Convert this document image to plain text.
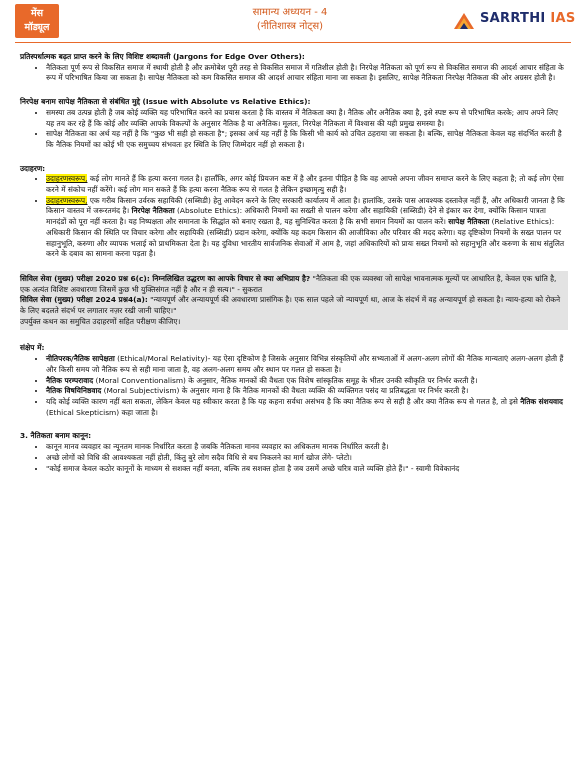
मेंस
मॉड्यूल
सामान्य अध्ययन - 4
(नीतिशास्त्र नोट्स)
SARRTHI IAS
प्रतिस्पर्धात्मक बढ़त प्राप्त करने के लिए विशिष्ट शब्दावली (Jargons for Edge Over Others):
• नैतिकता पूर्ण रूप से विकसित समाज में स्थायी होती है और क्रमोबेश पूरी तरह से विकसित समाज में गतिशील होती है। निरपेक्ष नैतिकता को पूर्ण रूप से विकसित समाज की आदर्श आचार संहिता के रूप में परिभाषित किया जा सकता है। सापेक्ष नैतिकता को कम विकसित समाज की आदर्श आचार संहिता माना जा सकता है। इसलिए, सापेक्ष नैतिकता निरपेक्ष नैतिकता की ओर अग्रसर होती है।
निरपेक्ष बनाम सापेक्ष नैतिकता से संबंधित मुद्दे (Issue with Absolute vs Relative Ethics):
• समस्या तब उत्पन्न होती है जब कोई व्यक्ति यह परिभाषित करने का प्रयास करता है कि वास्तव में नैतिकता क्या है। नैतिक और अनैतिक क्या है, इसे स्पष्ट रूप से परिभाषित करके; आप अपने लिए यह तय कर रहे हैं कि कोई और व्यक्ति आपके विकल्पों के अनुसार नैतिक है या अनैतिक। मूलतः, निरपेक्ष नैतिकता में विश्वास की यही प्रमुख समस्या है।
• सापेक्ष नैतिकता का अर्थ यह नहीं है कि "कुछ भी सही हो सकता है"; इसका अर्थ यह नहीं है कि किसी भी कार्य को उचित ठहराया जा सकता है। बल्कि, सापेक्ष नैतिकता केवल यह संदर्भित करती है कि नैतिक नियमों का कोई भी एक समुच्चय संभवतः हर स्थिति के लिए जिम्मेदार नहीं हो सकता है।
उदाहरण:
• उदाहरणस्वरूप, कई लोग मानते हैं कि हत्या करना गलत है। हालाँकि, अगर कोई प्रियजन कष्ट में है और इतना पीड़ित है कि वह आपसे अपना जीवन समाप्त करने के लिए कहता है; तो कई लोग ऐसा करने में संकोच नहीं करेंगे। कई लोग मान सकते हैं कि हत्या करना नैतिक रूप से गलत है लेकिन इच्छामृत्यु सही है।
• उदाहरणस्वरूप, एक गरीब किसान उर्वरक सहायिकी (सब्सिडी) हेतु आवेदन करने के लिए सरकारी कार्यालय में आता है। हालांकि, उसके पास आवश्यक दस्तावेज़ नहीं हैं, और अधिकारी जानता है कि किसान वास्तव में जरूरतमंद है। निरपेक्ष नैतिकता (Absolute Ethics): अधिकारी नियमों का सख्ती से पालन करेगा और सहायिकी (सब्सिडी) देने से इंकार कर देगा, क्योंकि किसान पात्रता मानदंडों को पूरा नहीं करता है। यह निष्पक्षता और समानता के सिद्धांत को बनाए रखता है, यह सुनिश्चित करता है कि सभी समान नियमों का पालन करें। सापेक्ष नैतिकता (Relative Ethics): अधिकारी किसान की स्थिति पर विचार करेगा और सहायिकी (सब्सिडी) प्रदान करेगा, क्योंकि यह कदम किसान की आजीविका और परिवार की मदद करेगा। यह दृष्टिकोण नियमों के सख्त पालन पर सहानुभूति, करुणा और व्यापक भलाई को प्राथमिकता देता है। यह दुविधा भारतीय सार्वजनिक सेवाओं में आम है, जहां अधिकारियों को प्रायः सख्त नियमों को सहानुभूति और करुणा के साथ संतुलित करने के दबाव का सामना करना पड़ता है।

सिविल सेवा (मुख्य) परीक्षा 2020 प्रश्न 6(c): निम्नलिखित उद्धरण का आपके विचार से क्या अभिप्राय है? "नैतिकता की एक व्यवस्था जो सापेक्ष भावनात्मक मूल्यों पर आधारित है, केवल एक भ्रांति है, एक अत्यंत विशिष्ट अवधारणा जिसमें कुछ भी युक्तिसंगत नहीं है और न ही सत्य।" - सुकरात

सिविल सेवा (मुख्य) परीक्षा 2024 प्रश्न4(a): "न्यायपूर्ण और अन्यायपूर्ण की अवधारणा प्रासंगिक है। एक साल पहले जो न्यायपूर्ण था, आज के संदर्भ में वह अन्यायपूर्ण हो सकता है। न्याय-हत्या को रोकने के लिए बदलते संदर्भ पर लगातार नज़र रखी जानी चाहिए।"

उपर्युक्त कथन का समुचित उदाहरणों सहित परीक्षण कीजिए।

संक्षेप में:
• नीतिपरक/नैतिक सापेक्षता (Ethical/Moral Relativity)- यह ऐसा दृष्टिकोण है जिसके अनुसार विभिन्न संस्कृतियों और सभ्यताओं में अलग-अलग लोगों की नैतिक मान्यताएं अलग-अलग होती हैं और किसी समय जो नैतिक रूप से सही माना जाता है, वह अलग-अलग समय और स्थान पर गलत हो सकता है।
• नैतिक परम्परावाद (Moral Conventionalism) के अनुसार, नैतिक मानकों की वैधता एक विशेष सांस्कृतिक समूह के भीतर उनकी स्वीकृति पर निर्भर करती है।
• नैतिक विषयिनिष्ठवाद (Moral Subjectivism) के अनुसार माना है कि नैतिक मानकों की वैधता व्यक्ति की व्यक्तिगत पसंद या प्रतिबद्धता पर निर्भर करती है।
• यदि कोई व्यक्ति कारण नहीं बता सकता, लेकिन केवल यह स्वीकार करता है कि यह कहना सर्वथा असंभव है कि क्या नैतिक रूप से सही है और क्या नैतिक रूप से गलत है, तो इसे नैतिक संशयवाद (Ethical Skepticism) कहा जाता है।
3. नैतिकता बनाम कानून:
• कानून मानव व्यवहार का न्यूनतम मानक निर्धारित करता है जबकि नैतिकता मानव व्यवहार का अधिकतम मानक निर्धारित करती है।
• अच्छे लोगों को विधि की आवश्यकता नहीं होती, किंतु बुरे लोग सदैव विधि से बच निकलने का मार्ग खोज लेंगे- प्लेटो।
• "कोई समाज केवल कठोर कानूनों के माध्यम से सशक्त नहीं बनता, बल्कि तब सशक्त होता है जब उसमें अच्छे चरित्र वाले व्यक्ति होते हैं।" - स्वामी विवेकानंद
